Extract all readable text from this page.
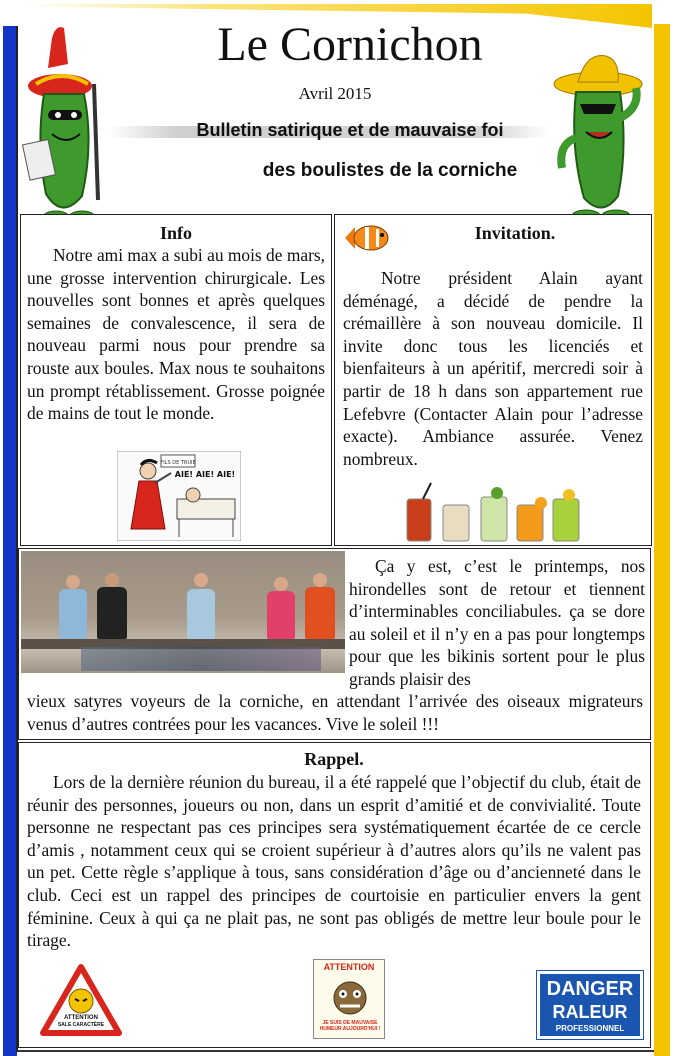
Le Cornichon
Avril 2015
Bulletin satirique et de mauvaise foi
des boulistes de la corniche
Info

Notre ami max a subi au mois de mars, une grosse intervention chirurgicale. Les nouvelles sont bonnes et après quelques semaines de convalescence, il sera de nouveau parmi nous pour prendre sa rouste aux boules. Max nous te souhaitons un prompt rétablissement. Grosse poignée de mains de tout le monde.

FILS DE TRUIE
AIE! AIE! AIE!
Invitation.

Notre président Alain ayant déménagé, a décidé de pendre la crémaillère à son nouveau domicile. Il invite donc tous les licenciés et bienfaiteurs à un apéritif, mercredi soir à partir de 18 h dans son appartement rue Lefebvre (Contacter Alain pour l’adresse exacte). Ambiance assurée. Venez nombreux.

Ça y est, c’est le printemps, nos hirondelles sont de retour et tiennent d’interminables conciliabules. ça se dore au soleil et il n’y en a pas pour longtemps pour que les bikinis sortent pour le plus grands plaisir des

vieux satyres voyeurs de la corniche, en attendant l’arrivée des oiseaux migrateurs venus d’autres contrées pour les vacances. Vive le soleil !!!

Rappel.

Lors de la dernière réunion du bureau, il a été rappelé que l’objectif du club, était de réunir des personnes, joueurs ou non, dans un esprit d’amitié et de convivialité. Toute personne ne respectant pas ces principes sera systématiquement écartée de ce cercle d’amis , notamment ceux qui se croient supérieur à d’autres alors qu’ils ne valent pas un pet. Cette règle s’applique à tous, sans considération d’âge ou d’ancienneté dans le club. Ceci est un rappel des principes de courtoisie en particulier envers la gent féminine. Ceux à qui ça ne plait pas, ne sont pas obligés de mettre leur boule pour le tirage.

ATTENTION
SALE CARACTÈRE
ATTENTION
JE SUIS DE MAUVAISE HUMEUR AUJOURD'HUI !
DANGER
RALEUR
PROFESSIONNEL
